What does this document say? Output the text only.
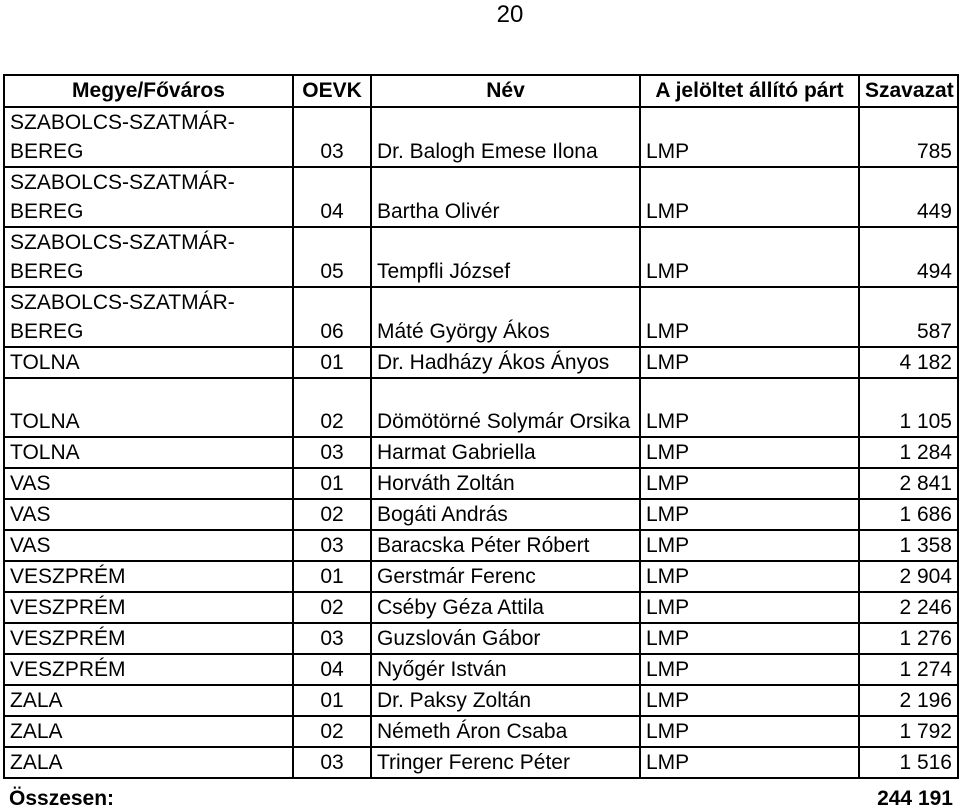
20
Megye/Főváros	OEVK	Név	A jelöltet állító párt	Szavazat
SZABOLCS-SZATMÁR-BEREG	03	Dr. Balogh Emese Ilona	LMP	785
SZABOLCS-SZATMÁR-BEREG	04	Bartha Olivér	LMP	449
SZABOLCS-SZATMÁR-BEREG	05	Tempfli József	LMP	494
SZABOLCS-SZATMÁR-BEREG	06	Máté György Ákos	LMP	587
TOLNA	01	Dr. Hadházy Ákos Ányos	LMP	4 182
TOLNA	02	Dömötörné Solymár Orsika	LMP	1 105
TOLNA	03	Harmat Gabriella	LMP	1 284
VAS	01	Horváth Zoltán	LMP	2 841
VAS	02	Bogáti András	LMP	1 686
VAS	03	Baracska Péter Róbert	LMP	1 358
VESZPRÉM	01	Gerstmár Ferenc	LMP	2 904
VESZPRÉM	02	Cséby Géza Attila	LMP	2 246
VESZPRÉM	03	Guzslován Gábor	LMP	1 276
VESZPRÉM	04	Nyőgér István	LMP	1 274
ZALA	01	Dr. Paksy Zoltán	LMP	2 196
ZALA	02	Németh Áron Csaba	LMP	1 792
ZALA	03	Tringer Ferenc Péter	LMP	1 516
Összesen:				244 191
